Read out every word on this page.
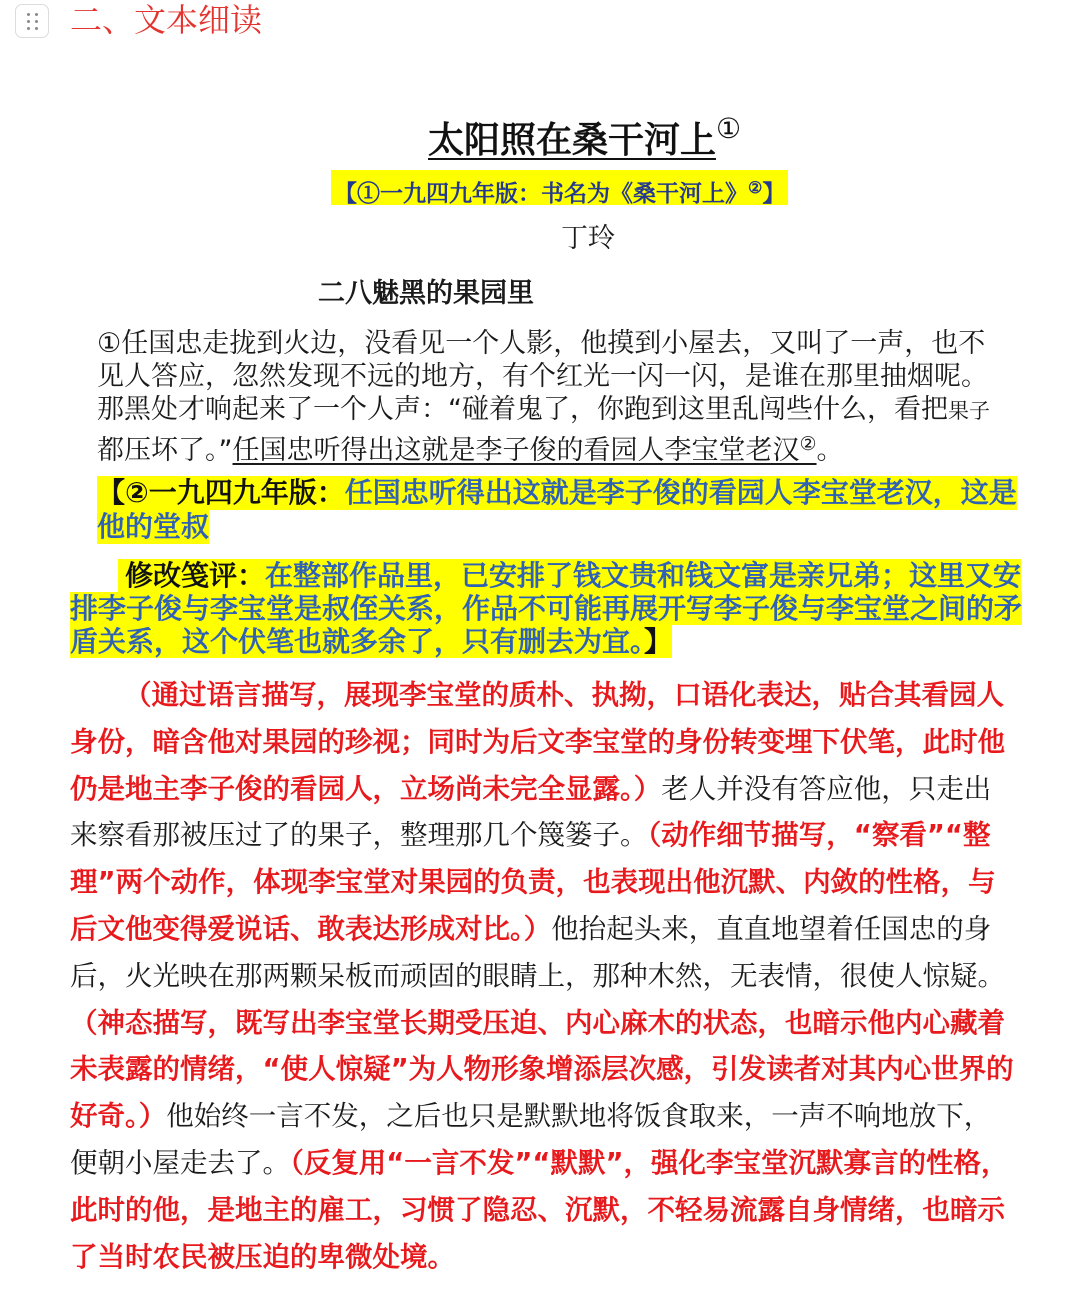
二、文本细读
太阳照在桑干河上①
【①一九四九年版：书名为《桑干河上》②】
丁玲
二八魅黑的果园里
①任国忠走拢到火边，没看见一个人影，他摸到小屋去，又叫了一声，也不
见人答应，忽然发现不远的地方，有个红光一闪一闪，是谁在那里抽烟呢。
那黑处才响起来了一个人声：“碰着鬼了，你跑到这里乱闯些什么，看把果子
都压坏了。”任国忠听得出这就是李子俊的看园人李宝堂老汉②。
【②一九四九年版：任国忠听得出这就是李子俊的看园人李宝堂老汉，这是
他的堂叔
修改笺评：在整部作品里，已安排了钱文贵和钱文富是亲兄弟；这里又安
排李子俊与李宝堂是叔侄关系，作品不可能再展开写李子俊与李宝堂之间的矛
盾关系，这个伏笔也就多余了，只有删去为宜。】
（通过语言描写，展现李宝堂的质朴、执拗，口语化表达，贴合其看园人
身份，暗含他对果园的珍视；同时为后文李宝堂的身份转变埋下伏笔，此时他
仍是地主李子俊的看园人，立场尚未完全显露。）老人并没有答应他，只走出
来察看那被压过了的果子，整理那几个篾篓子。（动作细节描写，“察看”“整
理”两个动作，体现李宝堂对果园的负责，也表现出他沉默、内敛的性格，与
后文他变得爱说话、敢表达形成对比。）他抬起头来，直直地望着任国忠的身
后，火光映在那两颗呆板而顽固的眼睛上，那种木然，无表情，很使人惊疑。
（神态描写，既写出李宝堂长期受压迫、内心麻木的状态，也暗示他内心藏着
未表露的情绪，“使人惊疑”为人物形象增添层次感，引发读者对其内心世界的
好奇。）他始终一言不发，之后也只是默默地将饭食取来，一声不响地放下，
便朝小屋走去了。（反复用“一言不发”“默默”，强化李宝堂沉默寡言的性格，
此时的他，是地主的雇工，习惯了隐忍、沉默，不轻易流露自身情绪，也暗示
了当时农民被压迫的卑微处境。
